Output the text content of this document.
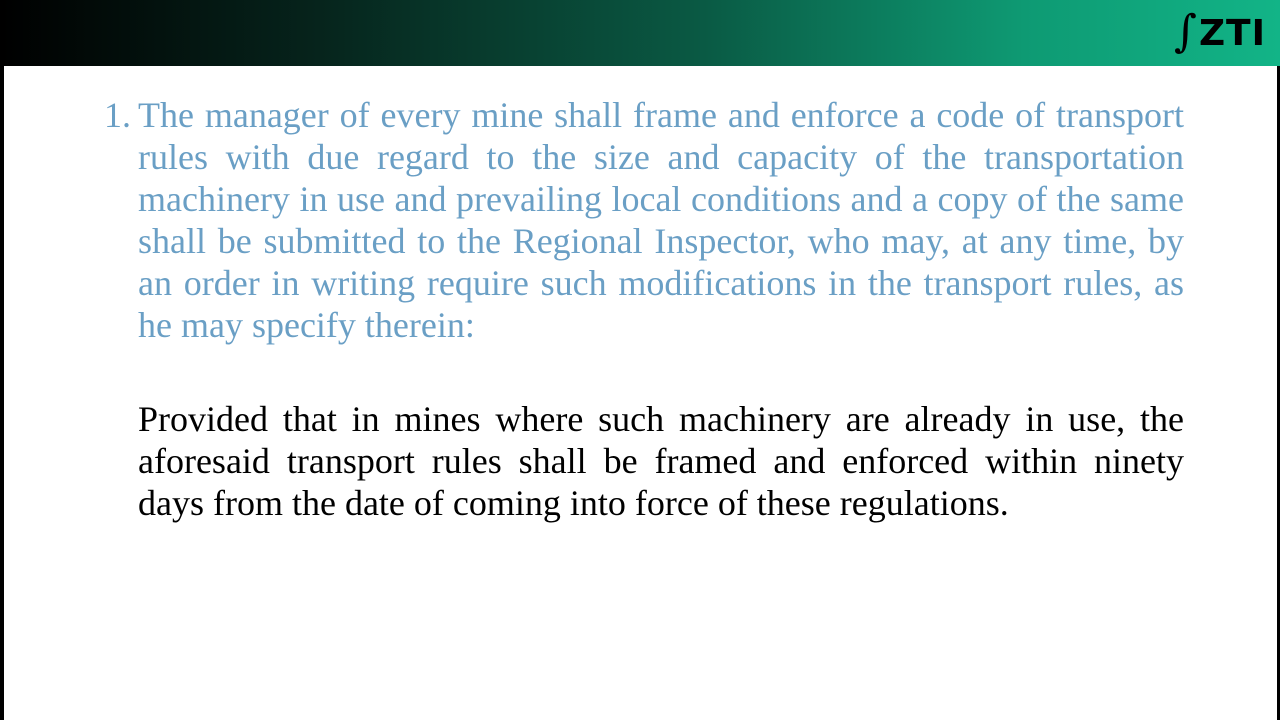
∫ ZTI
1. The manager of every mine shall frame and enforce a code of transport rules with due regard to the size and capacity of the transportation machinery in use and prevailing local conditions and a copy of the same shall be submitted to the Regional Inspector, who may, at any time, by an order in writing require such modifications in the transport rules, as he may specify therein:
Provided that in mines where such machinery are already in use, the aforesaid transport rules shall be framed and enforced within ninety days from the date of coming into force of these regulations.
